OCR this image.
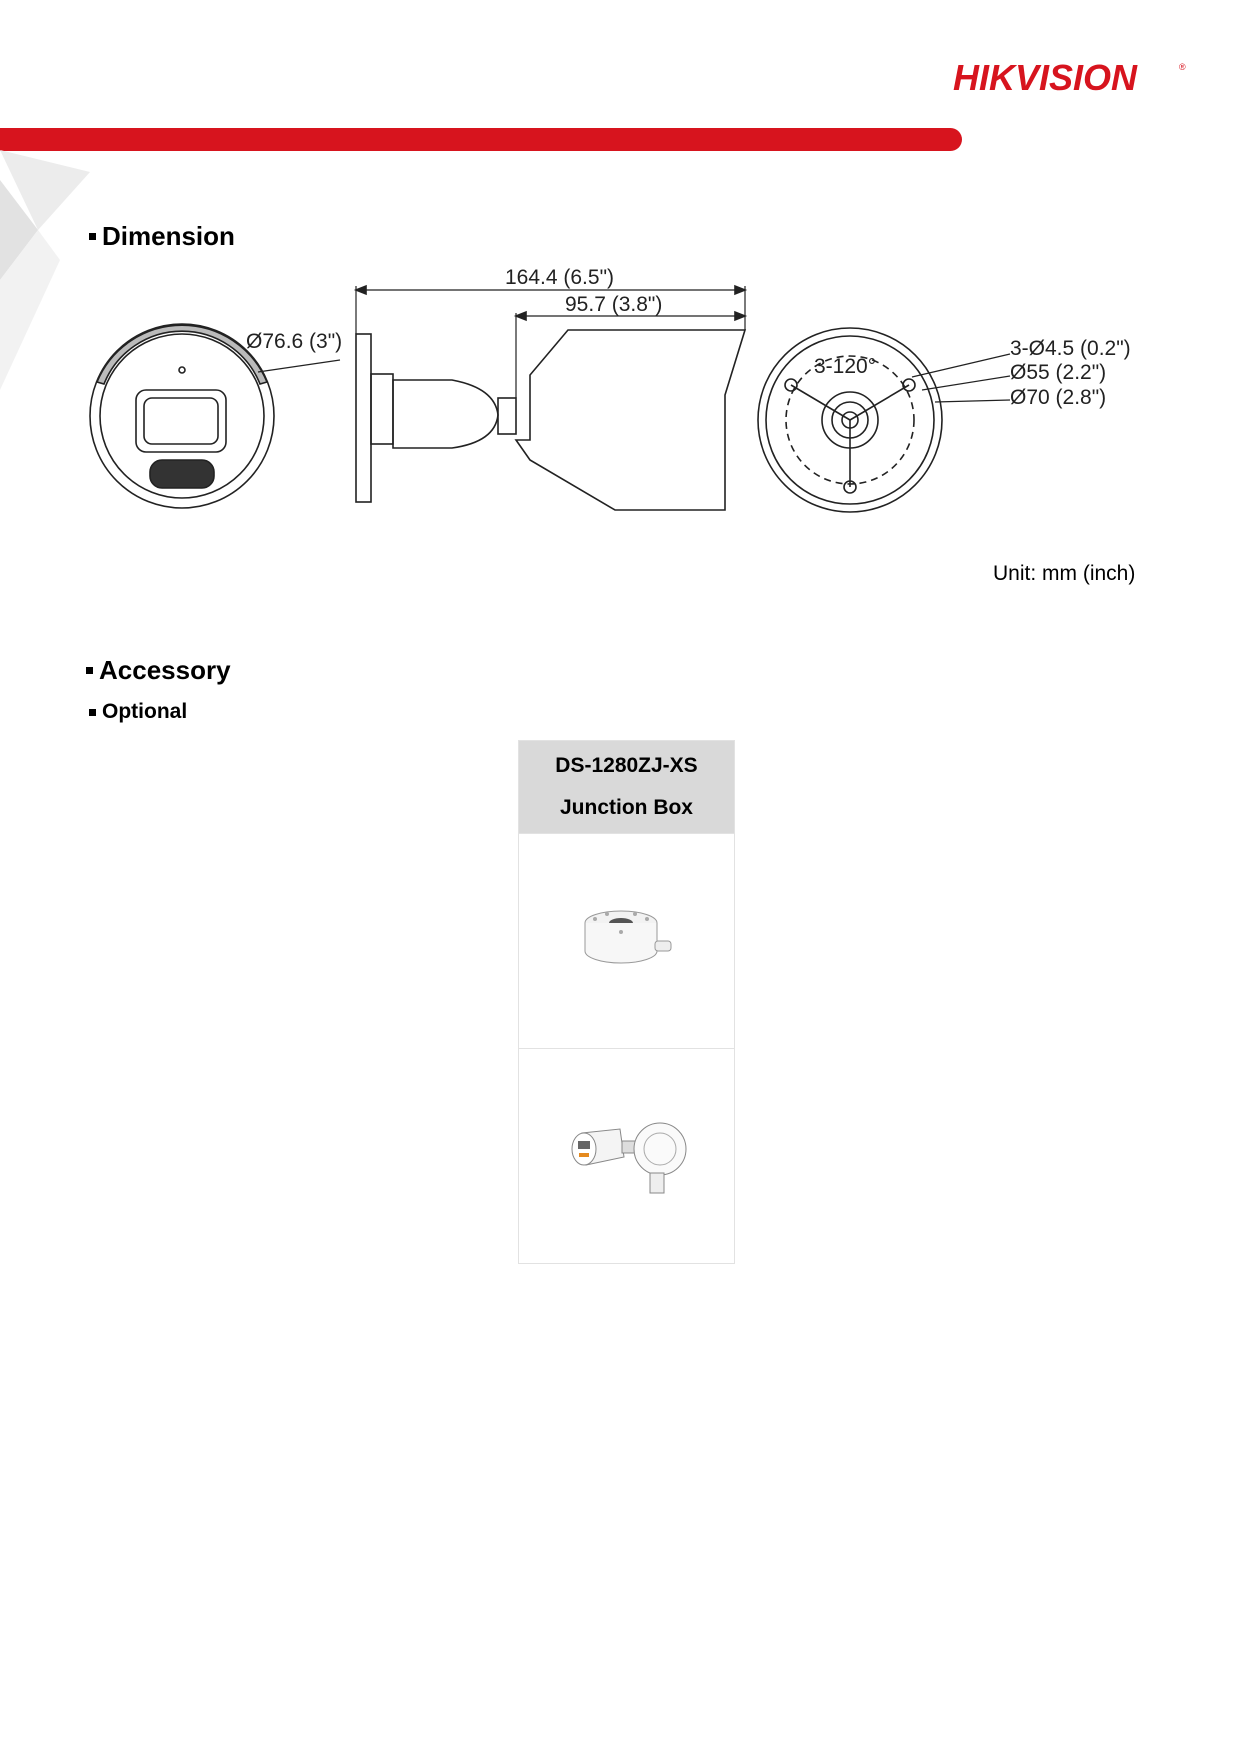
HIKVISION	®
Dimension
164.4 (6.5")
95.7 (3.8")
Ø76.6 (3")
3-120°
3-Ø4.5 (0.2")
Ø55 (2.2")
Ø70 (2.8")
Unit: mm (inch)
Accessory
Optional
DS-1280ZJ-XS
Junction Box
